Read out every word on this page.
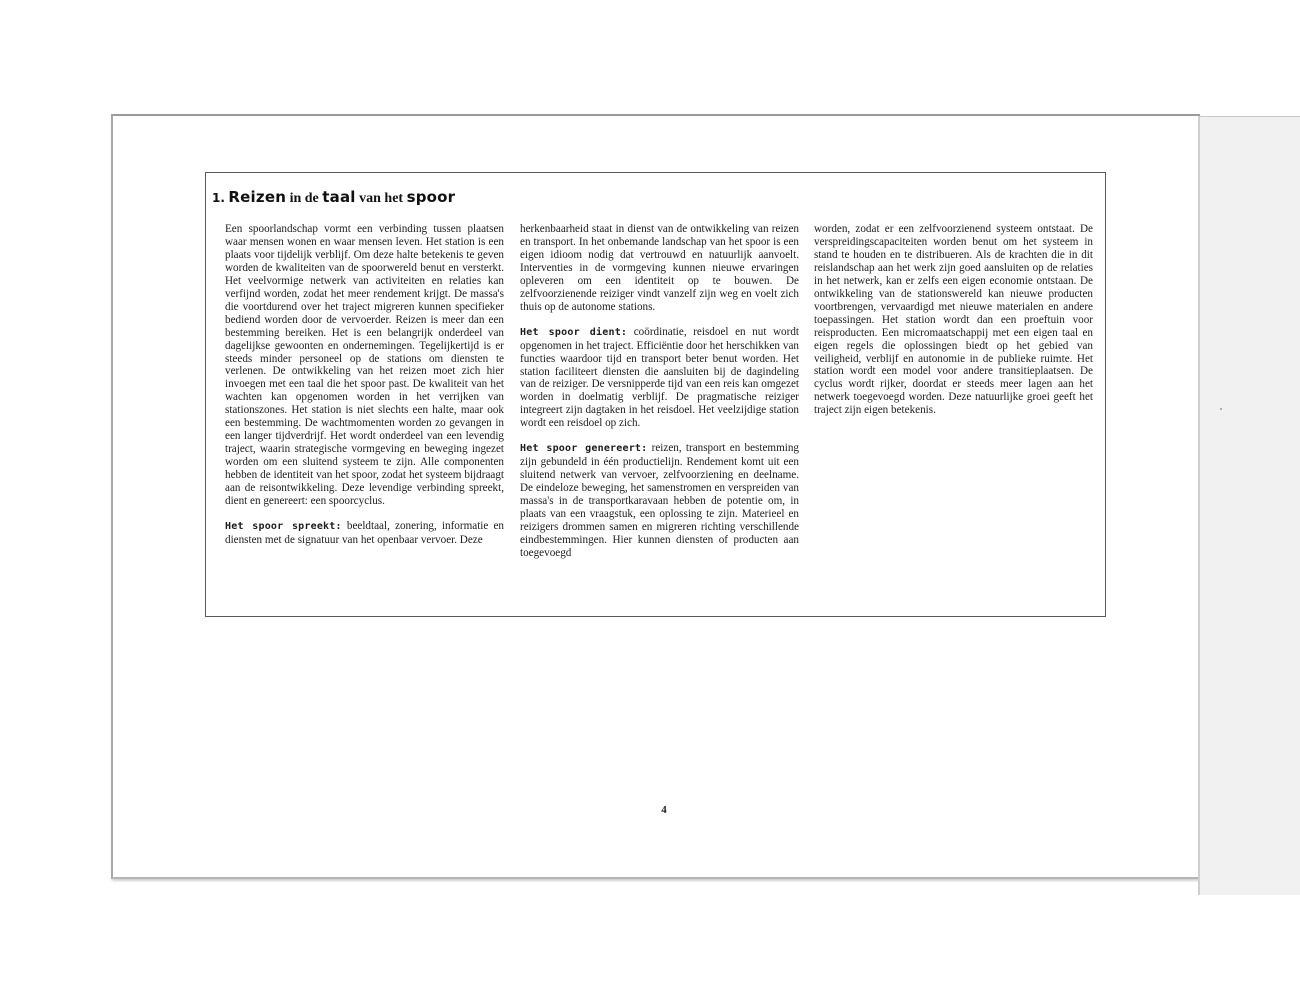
1. Reizen in de taal van het spoor

Een spoorlandschap vormt een verbinding tussen plaatsen waar mensen wonen en waar mensen leven. Het station is een plaats voor tijdelijk verblijf. Om deze halte betekenis te geven worden de kwaliteiten van de spoorwereld benut en versterkt. Het veelvormige netwerk van activiteiten en relaties kan verfijnd worden, zodat het meer rendement krijgt. De massa's die voortdurend over het traject migreren kunnen specifieker bediend worden door de vervoerder. Reizen is meer dan een bestemming bereiken. Het is een belangrijk onderdeel van dagelijkse gewoonten en ondernemingen. Tegelijkertijd is er steeds minder personeel op de stations om diensten te verlenen. De ontwikkeling van het reizen moet zich hier invoegen met een taal die het spoor past. De kwaliteit van het wachten kan opgenomen worden in het verrijken van stationszones. Het station is niet slechts een halte, maar ook een bestemming. De wachtmomenten worden zo gevangen in een langer tijdverdrijf. Het wordt onderdeel van een levendig traject, waarin strategische vormgeving en beweging ingezet worden om een sluitend systeem te zijn. Alle componenten hebben de identiteit van het spoor, zodat het systeem bijdraagt aan de reisontwikkeling. Deze levendige verbinding spreekt, dient en genereert: een spoorcyclus.

Het spoor spreekt: beeldtaal, zonering, informatie en diensten met de signatuur van het openbaar vervoer. Deze

herkenbaarheid staat in dienst van de ontwikkeling van reizen en transport. In het onbemande landschap van het spoor is een eigen idioom nodig dat vertrouwd en natuurlijk aanvoelt. Interventies in de vormgeving kunnen nieuwe ervaringen opleveren om een identiteit op te bouwen. De zelfvoorzienende reiziger vindt vanzelf zijn weg en voelt zich thuis op de autonome stations.

Het spoor dient: coördinatie, reisdoel en nut wordt opgenomen in het traject. Efficiëntie door het herschikken van functies waardoor tijd en transport beter benut worden. Het station faciliteert diensten die aansluiten bij de dagindeling van de reiziger. De versnipperde tijd van een reis kan omgezet worden in doelmatig verblijf. De pragmatische reiziger integreert zijn dagtaken in het reisdoel. Het veelzijdige station wordt een reisdoel op zich.

Het spoor genereert: reizen, transport en bestemming zijn gebundeld in één productielijn. Rendement komt uit een sluitend netwerk van vervoer, zelfvoorziening en deelname. De eindeloze beweging, het samenstromen en verspreiden van massa's in de transportkaravaan hebben de potentie om, in plaats van een vraagstuk, een oplossing te zijn. Materieel en reizigers drommen samen en migreren richting verschillende eindbestemmingen. Hier kunnen diensten of producten aan toegevoegd

worden, zodat er een zelfvoorzienend systeem ontstaat. De verspreidingscapaciteiten worden benut om het systeem in stand te houden en te distribueren. Als de krachten die in dit reislandschap aan het werk zijn goed aansluiten op de relaties in het netwerk, kan er zelfs een eigen economie ontstaan. De ontwikkeling van de stationswereld kan nieuwe producten voortbrengen, vervaardigd met nieuwe materialen en andere toepassingen. Het station wordt dan een proeftuin voor reisproducten. Een micromaatschappij met een eigen taal en eigen regels die oplossingen biedt op het gebied van veiligheid, verblijf en autonomie in de publieke ruimte. Het station wordt een model voor andere transitieplaatsen. De cyclus wordt rijker, doordat er steeds meer lagen aan het netwerk toegevoegd worden. Deze natuurlijke groei geeft het traject zijn eigen betekenis.

4
